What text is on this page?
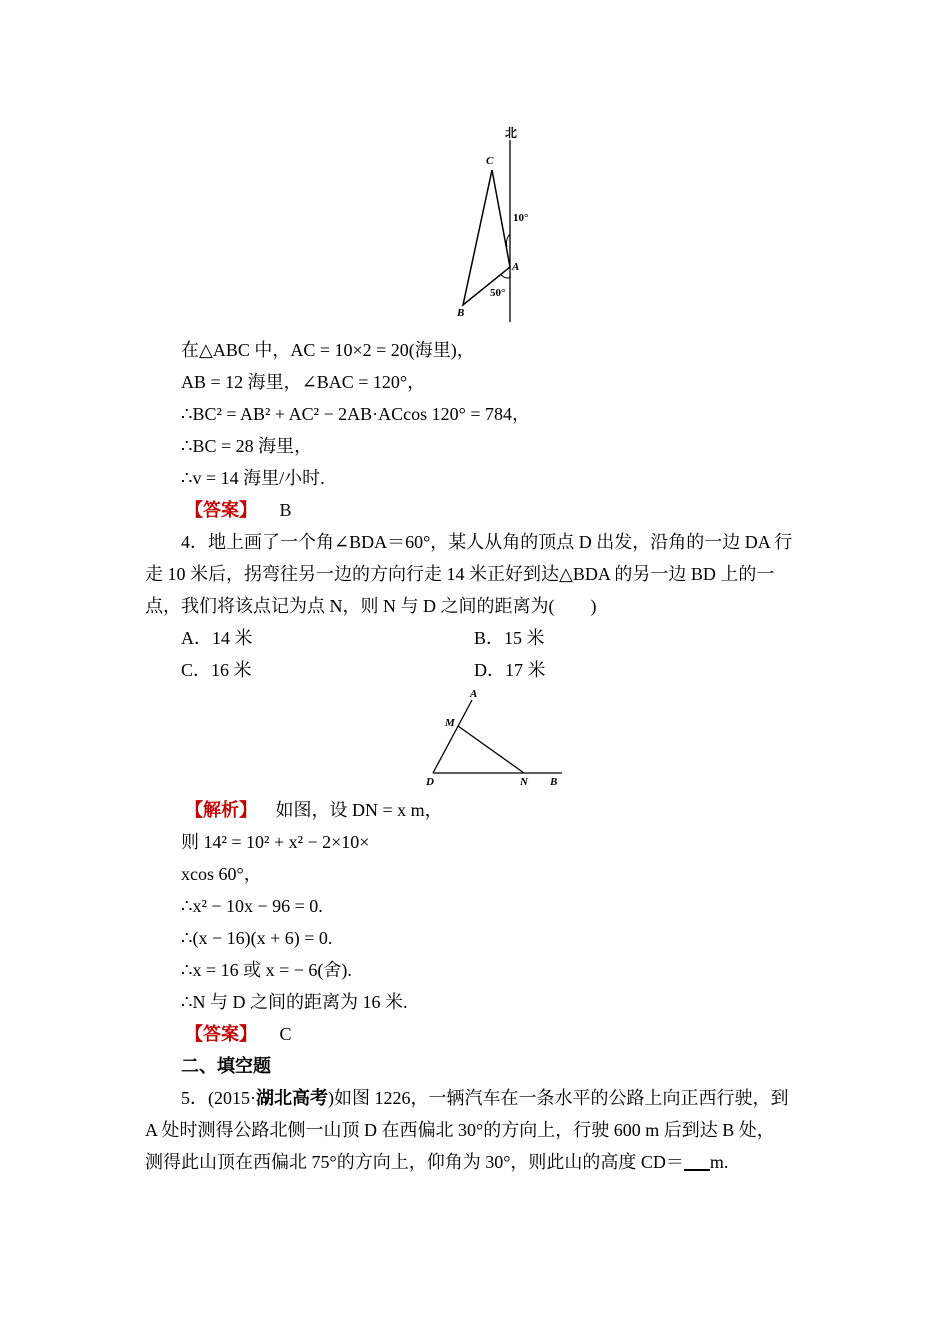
北
C
10°
A
50°
B
在△ABC 中，AC = 10×2 = 20(海里)，
AB = 12 海里，∠BAC = 120°，
∴BC² = AB² + AC² − 2AB·ACcos 120° = 784，
∴BC = 28 海里，
∴v = 14 海里/小时.
【答案】 B
4．地上画了一个角∠BDA＝60°，某人从角的顶点 D 出发，沿角的一边 DA 行
走 10 米后，拐弯往另一边的方向行走 14 米正好到达△BDA 的另一边 BD 上的一
点，我们将该点记为点 N，则 N 与 D 之间的距离为(　　)
A．14 米	B．15 米
C．16 米	D．17 米
A
M
D	N B
【解析】 如图，设 DN = x m，
则 14² = 10² + x² − 2×10×
xcos 60°，
∴x² − 10x − 96 = 0.
∴(x − 16)(x + 6) = 0.
∴x = 16 或 x = − 6(舍).
∴N 与 D 之间的距离为 16 米.
【答案】 C
二、填空题
5．(2015·湖北高考)如图 1226，一辆汽车在一条水平的公路上向正西行驶，到
A 处时测得公路北侧一山顶 D 在西偏北 30°的方向上，行驶 600 m 后到达 B 处，
测得此山顶在西偏北 75°的方向上，仰角为 30°，则此山的高度 CD＝ m.
